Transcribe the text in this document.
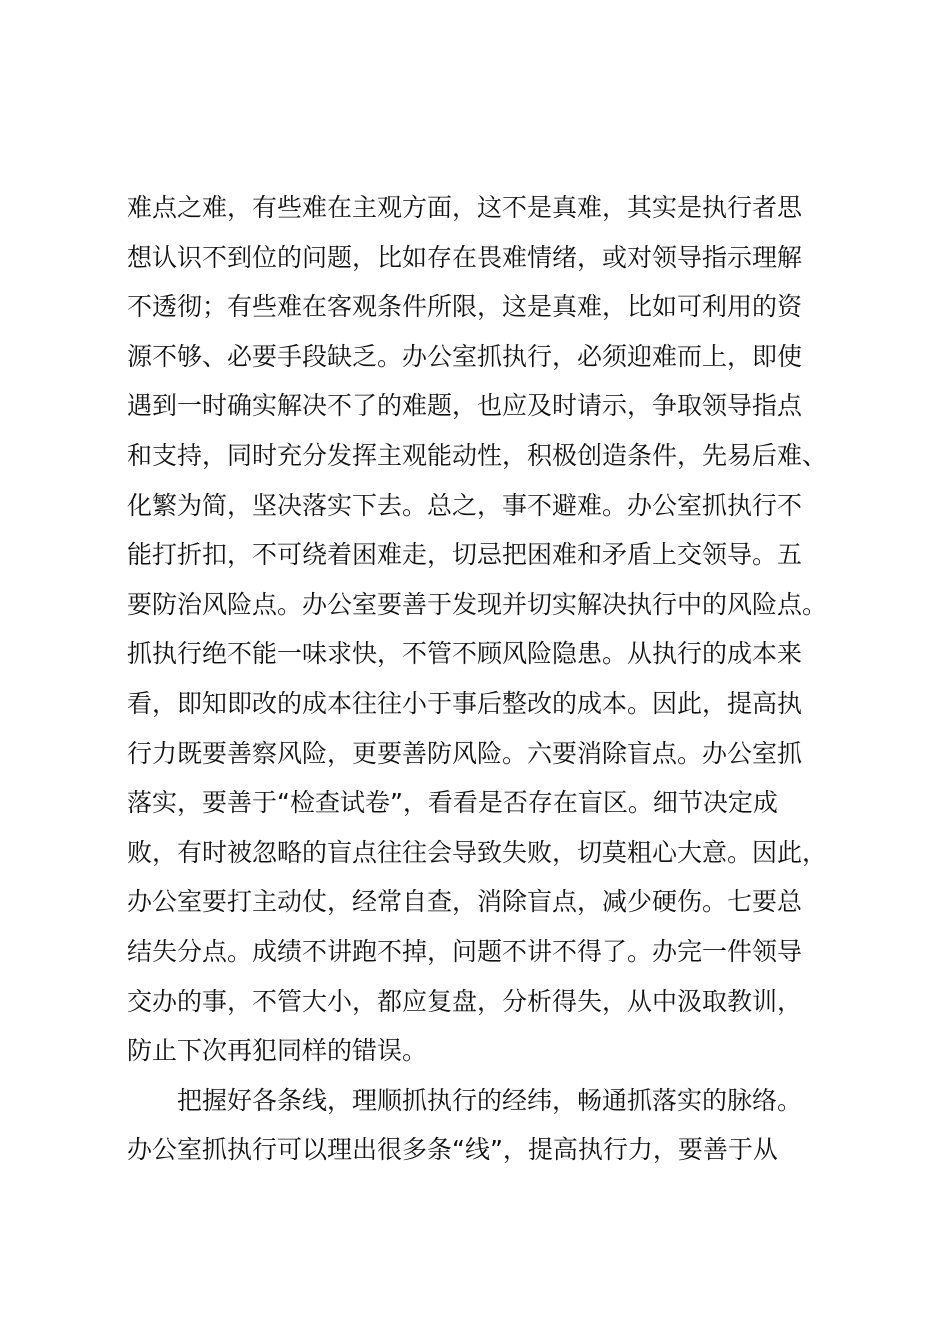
难点之难，有些难在主观方面，这不是真难，其实是执行者思
想认识不到位的问题，比如存在畏难情绪，或对领导指示理解
不透彻；有些难在客观条件所限，这是真难，比如可利用的资
源不够、必要手段缺乏。办公室抓执行，必须迎难而上，即使
遇到一时确实解决不了的难题，也应及时请示，争取领导指点
和支持，同时充分发挥主观能动性，积极创造条件，先易后难、
化繁为简，坚决落实下去。总之，事不避难。办公室抓执行不
能打折扣，不可绕着困难走，切忌把困难和矛盾上交领导。五
要防治风险点。办公室要善于发现并切实解决执行中的风险点。
抓执行绝不能一味求快，不管不顾风险隐患。从执行的成本来
看，即知即改的成本往往小于事后整改的成本。因此，提高执
行力既要善察风险，更要善防风险。六要消除盲点。办公室抓
落实，要善于“检查试卷”，看看是否存在盲区。细节决定成
败，有时被忽略的盲点往往会导致失败，切莫粗心大意。因此，
办公室要打主动仗，经常自查，消除盲点，减少硬伤。七要总
结失分点。成绩不讲跑不掉，问题不讲不得了。办完一件领导
交办的事，不管大小，都应复盘，分析得失，从中汲取教训，
防止下次再犯同样的错误。
把握好各条线，理顺抓执行的经纬，畅通抓落实的脉络。
办公室抓执行可以理出很多条“线”，提高执行力，要善于从
